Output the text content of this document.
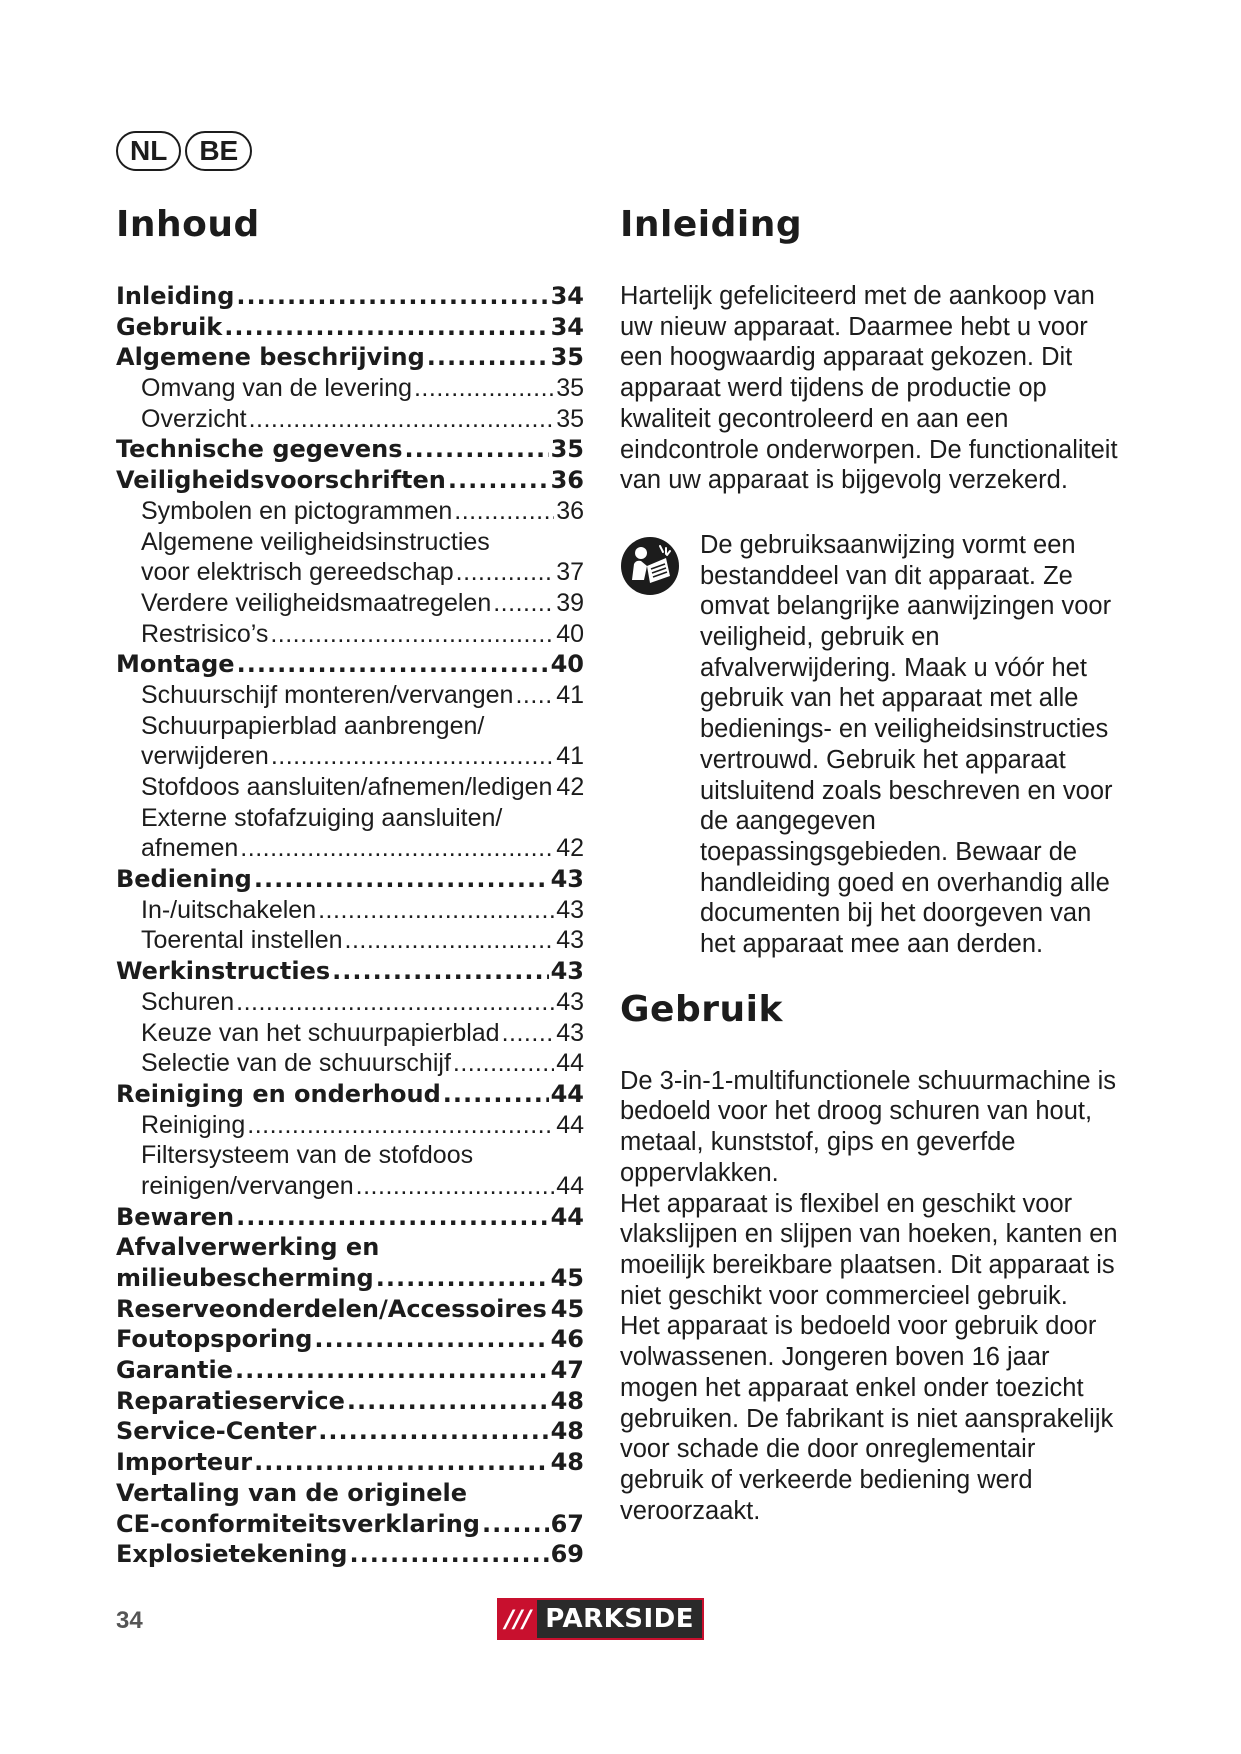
NL	BE
Inhoud
Inleiding .....	34
Gebruik .....	34
Algemene beschrijving .....	35
Omvang van de levering .....	35
Overzicht .....	35
Technische gegevens .....	35
Veiligheidsvoorschriften .....	36
Symbolen en pictogrammen .....	36
Algemene veiligheidsinstructies
voor elektrisch gereedschap .....	37
Verdere veiligheidsmaatregelen .....	39
Restrisico’s .....	40
Montage .....	40
Schuurschijf monteren/vervangen ..... 41
Schuurpapierblad aanbrengen/
verwijderen .....	41
Stofdoos aansluiten/afnemen/ledigen 42
Externe stofafzuiging aansluiten/
afnemen .....	42
Bediening .....	43
In-/uitschakelen .....	43
Toerental instellen .....	43
Werkinstructies .....	43
Schuren .....	43
Keuze van het schuurpapierblad ..... 43
Selectie van de schuurschijf .....	44
Reiniging en onderhoud .....	44
Reiniging .....	44
Filtersysteem van de stofdoos
reinigen/vervangen .....	44
Bewaren .....	44
Afvalverwerking en
milieubescherming .....	45
Reserveonderdelen/Accessoires 45
Foutopsporing .....	46
Garantie .....	47
Reparatieservice .....	48
Service-Center .....	48
Importeur .....	48
Vertaling van de originele
CE-conformiteitsverklaring .....	67
Explosietekening .....	69
Inleiding

Hartelijk gefeliciteerd met de aankoop van uw nieuw apparaat. Daarmee hebt u voor een hoogwaardig apparaat gekozen. Dit apparaat werd tijdens de productie op kwaliteit gecontroleerd en aan een eindcontrole onderworpen. De functionaliteit van uw apparaat is bijgevolg verzekerd.

De gebruiksaanwijzing vormt een bestanddeel van dit apparaat. Ze omvat belangrijke aanwijzingen voor veiligheid, gebruik en afvalverwijdering. Maak u vóór het gebruik van het apparaat met alle bedienings- en veiligheidsinstructies vertrouwd. Gebruik het apparaat uitsluitend zoals beschreven en voor de aangegeven toepassingsgebieden. Bewaar de handleiding goed en overhandig alle documenten bij het doorgeven van het apparaat mee aan derden.

Gebruik

De 3-in-1-multifunctionele schuurmachine is bedoeld voor het droog schuren van hout, metaal, kunststof, gips en geverfde oppervlakken.

Het apparaat is flexibel en geschikt voor vlakslijpen en slijpen van hoeken, kanten en moeilijk bereikbare plaatsen. Dit apparaat is niet geschikt voor commercieel gebruik.

Het apparaat is bedoeld voor gebruik door volwassenen. Jongeren boven 16 jaar mogen het apparaat enkel onder toezicht gebruiken. De fabrikant is niet aansprakelijk voor schade die door onreglementair gebruik of verkeerde bediening werd veroorzaakt.

34	/// PARKSIDE
